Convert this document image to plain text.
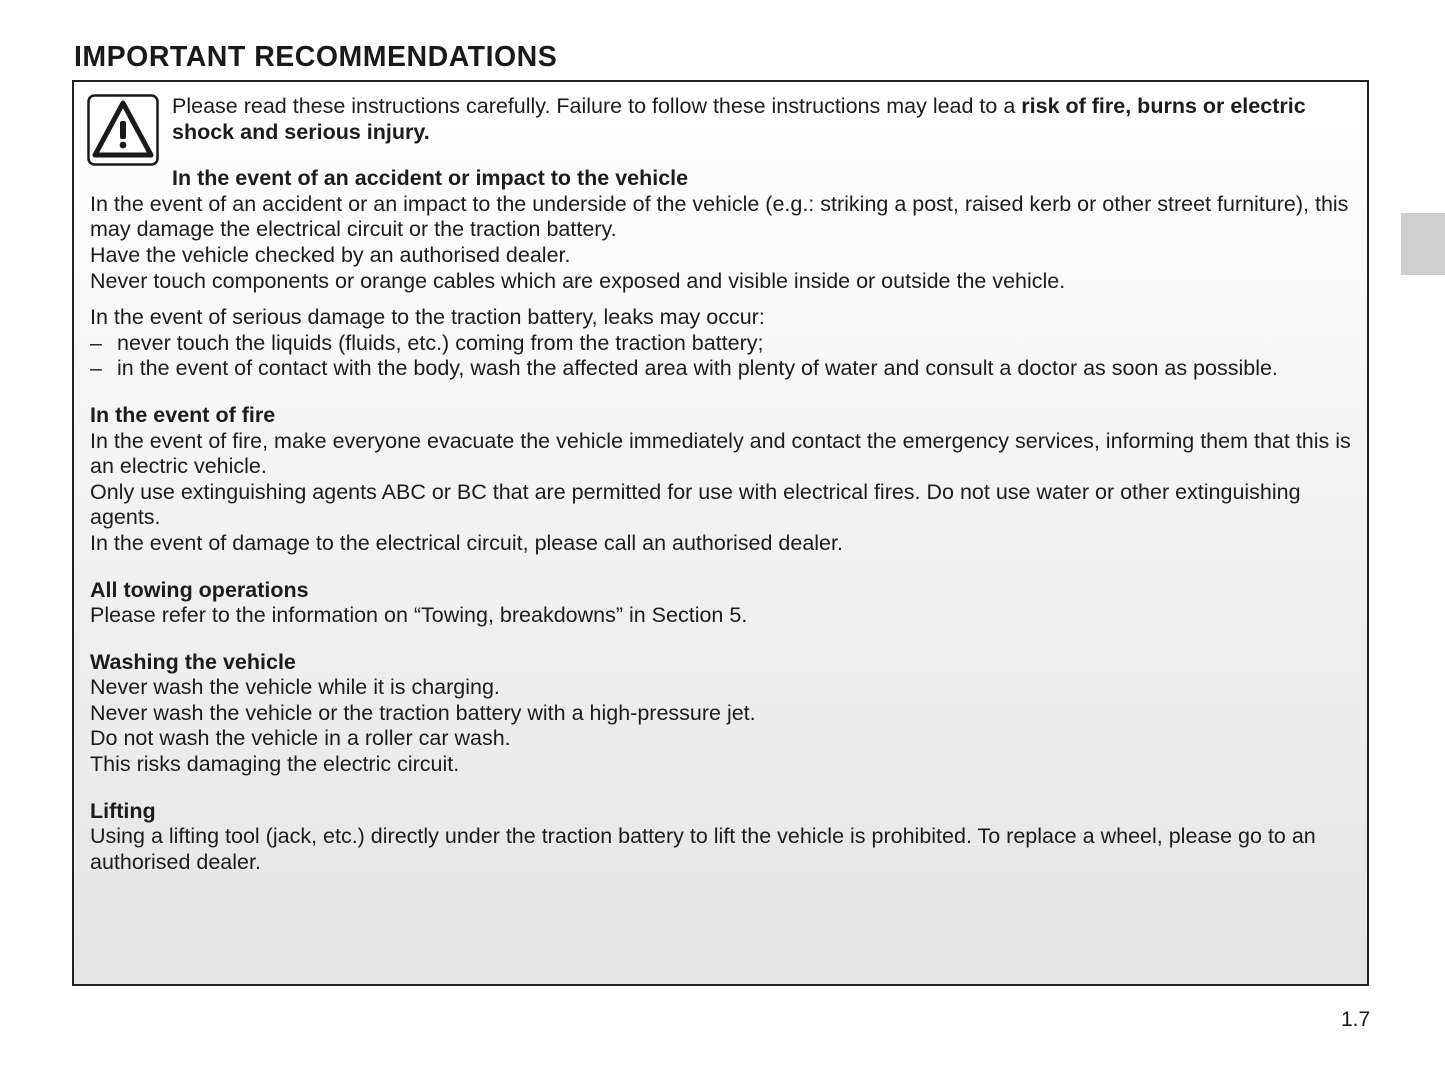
IMPORTANT RECOMMENDATIONS

Please read these instructions carefully. Failure to follow these instructions may lead to a risk of fire, burns or electric shock and serious injury.

In the event of an accident or impact to the vehicle

In the event of an accident or an impact to the underside of the vehicle (e.g.: striking a post, raised kerb or other street furniture), this may damage the electrical circuit or the traction battery.

Have the vehicle checked by an authorised dealer.

Never touch components or orange cables which are exposed and visible inside or outside the vehicle.

In the event of serious damage to the traction battery, leaks may occur:

– never touch the liquids (fluids, etc.) coming from the traction battery;

– in the event of contact with the body, wash the affected area with plenty of water and consult a doctor as soon as possible.

In the event of fire

In the event of fire, make everyone evacuate the vehicle immediately and contact the emergency services, informing them that this is an electric vehicle.

Only use extinguishing agents ABC or BC that are permitted for use with electrical fires. Do not use water or other extinguishing agents.

In the event of damage to the electrical circuit, please call an authorised dealer.

All towing operations

Please refer to the information on “Towing, breakdowns” in Section 5.

Washing the vehicle

Never wash the vehicle while it is charging.

Never wash the vehicle or the traction battery with a high-pressure jet.

Do not wash the vehicle in a roller car wash.

This risks damaging the electric circuit.

Lifting

Using a lifting tool (jack, etc.) directly under the traction battery to lift the vehicle is prohibited. To replace a wheel, please go to an authorised dealer.

1.7
